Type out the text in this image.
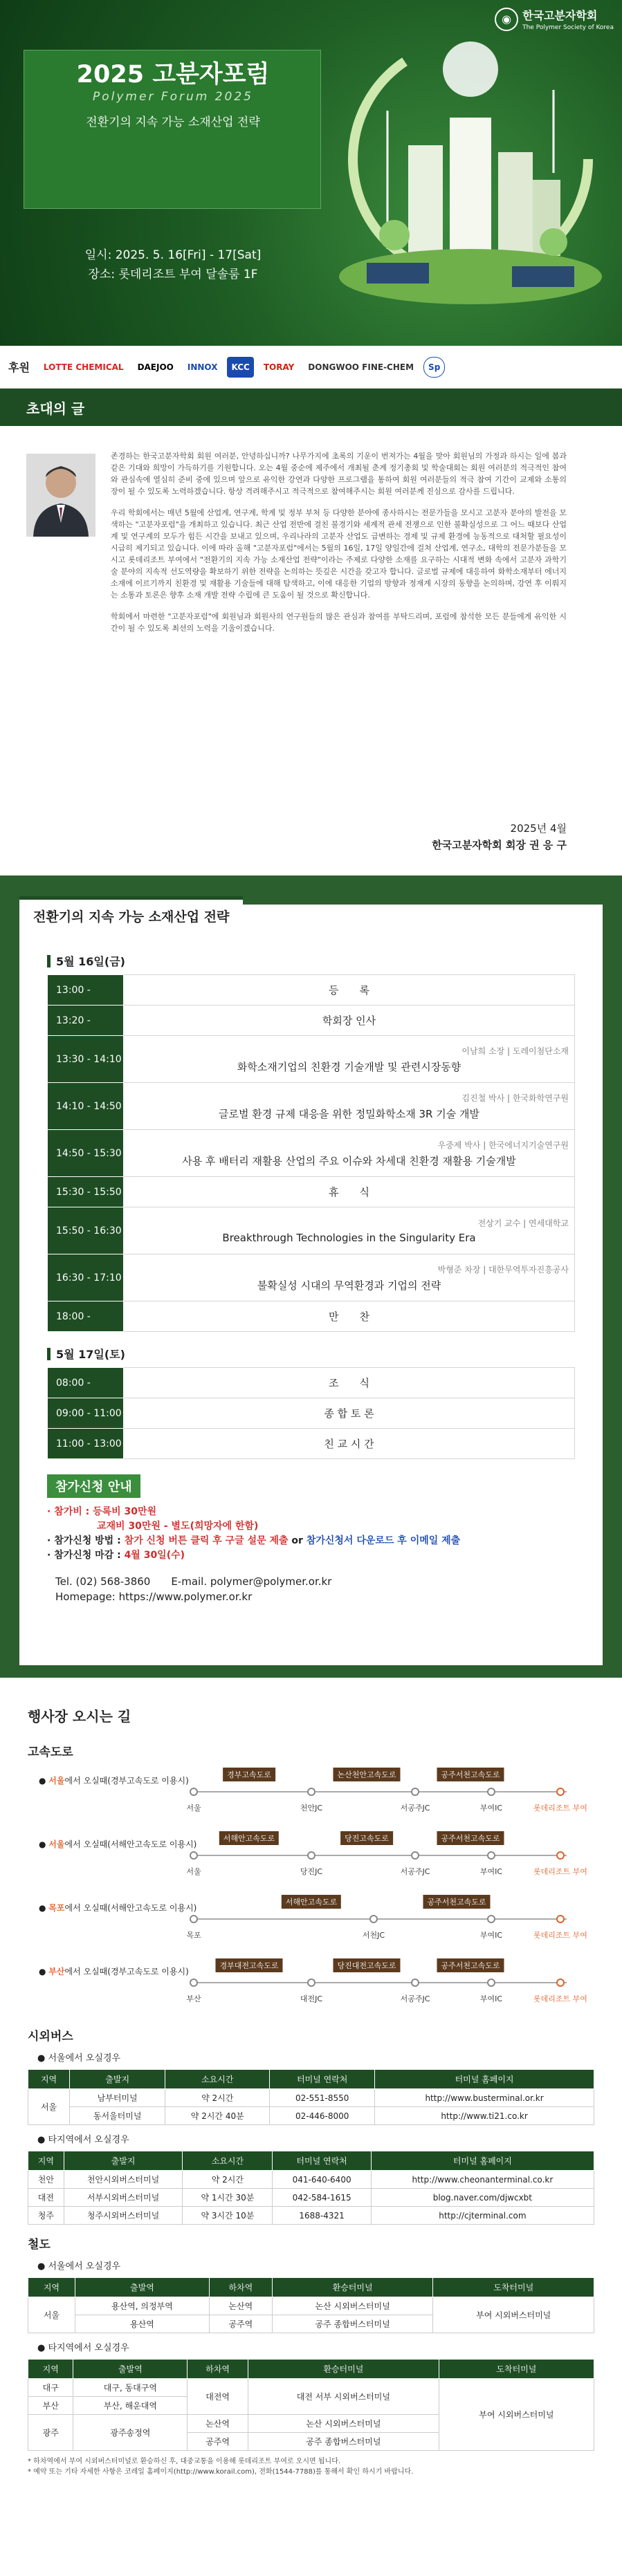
◉	한국고분자학회
The Polymer Society of Korea
2025 고분자포럼
Polymer Forum 2025
전환기의 지속 가능 소재산업 전략
일시: 2025. 5. 16[Fri] - 17[Sat]
장소: 롯데리조트 부여 달솔룸 1F
후원	LOTTE CHEMICAL	DAEJOO	INNOX	KCC	TORAY	DONGWOO FINE-CHEM	Sp
초대의 글

존경하는 한국고분자학회 회원 여러분, 안녕하십니까? 나무가지에 초록의 기운이 번져가는 4월을 맞아 회원님의 가정과 하시는 일에 봄과 같은 기대와 희망이 가득하기를 기원합니다. 오는 4월 중순에 제주에서 개최될 춘계 정기총회 및 학술대회는 회원 여러분의 적극적인 참여와 관심속에 열심히 준비 중에 있으며 앞으로 유익한 강연과 다양한 프로그램을 통하여 회원 여러분들의 적극 참여 기간이 교제와 소통의 장이 될 수 있도록 노력하겠습니다. 항상 격려해주시고 적극적으로 참여해주시는 회원 여러분께 진심으로 감사를 드립니다.

우리 학회에서는 매년 5월에 산업계, 연구계, 학계 및 정부 부처 등 다양한 분야에 종사하시는 전문가들을 모시고 고분자 분야의 발전을 모색하는 "고분자포럼"을 개최하고 있습니다. 최근 산업 전반에 결친 불경기와 세계적 관세 전쟁으로 인한 불확실성으로 그 어느 때보다 산업계 및 연구계의 모두가 힘든 시간을 보내고 있으며, 우리나라의 고분자 산업도 급변하는 경제 및 규제 환경에 능동적으로 대처할 필요성이 시급히 제기되고 있습니다. 이에 따라 올해 "고분자포럼"에서는 5월의 16일, 17일 양일간에 걸쳐 산업계, 연구소, 대학의 전문가분들을 모시고 롯데리조트 부여에서 "전환기의 지속 가능 소재산업 전략"이라는 주제로 다양한 소재를 요구하는 시대적 변화 속에서 고분자 과학기술 분야의 지속적 선도역량을 확보하기 위한 전략을 논의하는 뜻깊은 시간을 갖고자 합니다. 글로벌 규제에 대응하여 화학소재부터 에너지 소재에 이르기까지 친환경 및 재활용 기술들에 대해 탐색하고, 이에 대응한 기업의 방향과 정재계 시장의 동향을 논의하며, 강연 후 이뤄지는 소통과 토론은 향후 소재 개발 전략 수립에 큰 도움이 될 것으로 확신합니다.

학회에서 마련한 "고분자포럼"에 회원님과 회원사의 연구원들의 많은 관심과 참여를 부탁드리며, 포럼에 참석한 모든 분들에게 유익한 시간이 될 수 있도록 최선의 노력을 기울이겠습니다.

2025년 4월
한국고분자학회 회장 권 응 구
전환기의 지속 가능 소재산업 전략
5월 16일(금)
13:00 -	등　　록
13:20 -	학회장 인사
13:30 - 14:10	이남희 소장 | 도레이첨단소재
화학소재기업의 친환경 기술개발 및 관련시장동향
14:10 - 14:50	김진철 박사 | 한국화학연구원
글로벌 환경 규제 대응을 위한 정밀화학소재 3R 기술 개발
14:50 - 15:30	우중제 박사 | 한국에너지기술연구원
사용 후 배터리 재활용 산업의 주요 이슈와 차세대 친환경 재활용 기술개발
15:30 - 15:50	휴　　식
15:50 - 16:30	전상기 교수 | 연세대학교
Breakthrough Technologies in the Singularity Era
16:30 - 17:10	박형준 차장 | 대한무역투자진흥공사
불확실성 시대의 무역환경과 기업의 전략
18:00 -	만　　찬
5월 17일(토)
08:00 -	조　　식
09:00 - 11:00	종 합 토 론
11:00 - 13:00	친 교 시 간
참가신청 안내
· 참가비 : 등록비 30만원
교재비 30만원 - 별도(희망자에 한함)
· 참가신청 방법 : 참가 신청 버튼 클릭 후 구글 설문 제출 or 참가신청서 다운로드 후 이메일 제출
· 참가신청 마감 : 4월 30일(수)
Tel. (02) 568-3860　　E-mail. polymer@polymer.or.kr
Homepage: https://www.polymer.or.kr
행사장 오시는 길
고속도로
● 서울에서 오실때(경부고속도로 이용시)
경부고속도로	논산천안고속도로	공주서천고속도로
서울	천안JC	서공주JC	부여IC	롯데리조트 부여
● 서울에서 오실때(서해안고속도로 이용시)
서해안고속도로	당진고속도로	공주서천고속도로
서울	당진JC	서공주JC	부여IC	롯데리조트 부여
● 목포에서 오실때(서해안고속도로 이용시)
서해안고속도로	공주서천고속도로
목포	서천JC	부여IC	롯데리조트 부여
● 부산에서 오실때(경부고속도로 이용시)
경부대전고속도로	당진대전고속도로	공주서천고속도로
부산	대전JC	서공주JC	부여IC	롯데리조트 부여
시외버스
● 서울에서 오실경우
지역	출발지	소요시간	터미널 연락처	터미널 홈페이지
서울	남부터미널	약 2시간	02-551-8550	http://www.busterminal.or.kr
	동서울터미널	약 2시간 40분	02-446-8000	http://www.ti21.co.kr
● 타지역에서 오실경우
지역	출발지	소요시간	터미널 연락처	터미널 홈페이지
천안	천안시외버스터미널	약 2시간	041-640-6400	http://www.cheonanterminal.co.kr
대전	서부시외버스터미널	약 1시간 30분	042-584-1615	blog.naver.com/djwcxbt
청주	청주시외버스터미널	약 3시간 10분	1688-4321	http://cjterminal.com
철도
● 서울에서 오실경우
지역	출발역	하차역	환승터미널	도착터미널
서울	용산역, 의정부역	논산역	논산 시외버스터미널	부여 시외버스터미널
	용산역	공주역	공주 종합버스터미널	
● 타지역에서 오실경우
지역	출발역	하차역	환승터미널	도착터미널
대구	대구, 동대구역	대전역	대전 서부 시외버스터미널	부여 시외버스터미널
부산	부산, 해운대역			
광주	광주송정역	논산역	논산 시외버스터미널	
		공주역	공주 종합버스터미널	
* 하차역에서 부여 시외버스터미널로 환승하신 후, 대중교통을 이용해 롯데리조트 부여로 오시면 됩니다.
* 예약 또는 기타 자세한 사항은 코레일 홈페이지(http://www.korail.com), 전화(1544-7788)를 통해서 확인 하시기 바랍니다.
